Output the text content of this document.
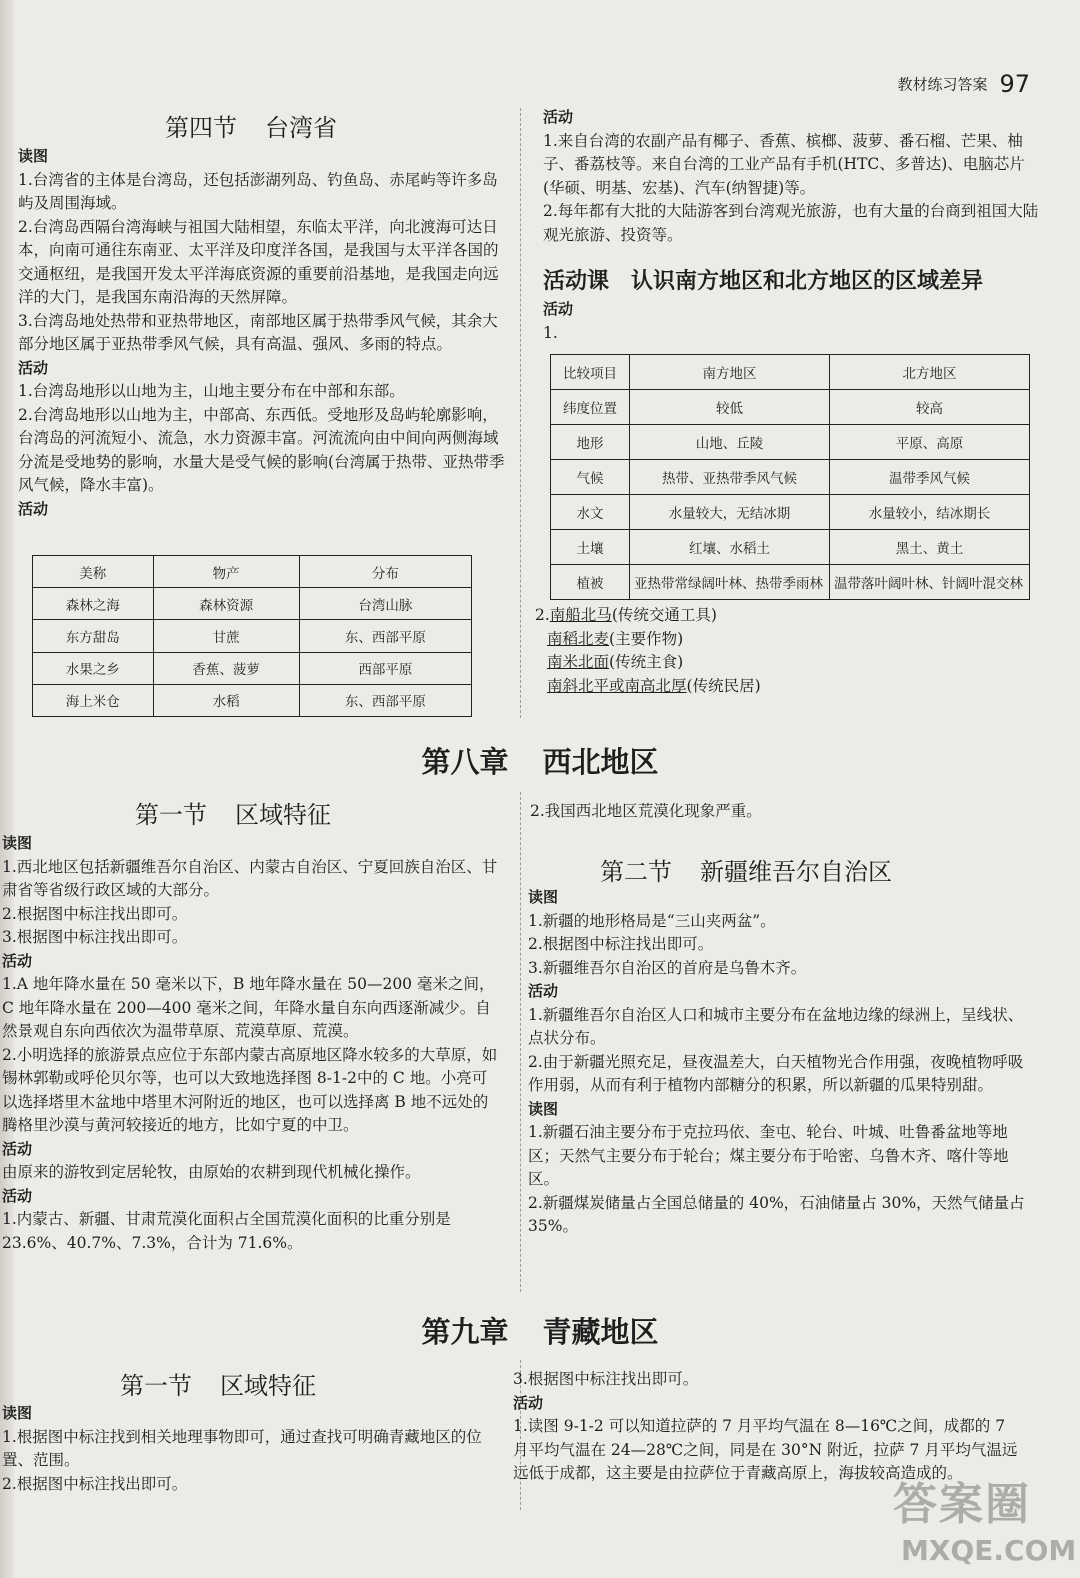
教材练习答案 97
第四节 台湾省

读图

1.台湾省的主体是台湾岛，还包括澎湖列岛、钓鱼岛、赤尾屿等许多岛屿及周围海域。

2.台湾岛西隔台湾海峡与祖国大陆相望，东临太平洋，向北渡海可达日本，向南可通往东南亚、太平洋及印度洋各国，是我国与太平洋各国的交通枢纽，是我国开发太平洋海底资源的重要前沿基地，是我国走向远洋的大门，是我国东南沿海的天然屏障。

3.台湾岛地处热带和亚热带地区，南部地区属于热带季风气候，其余大部分地区属于亚热带季风气候，具有高温、强风、多雨的特点。

活动

1.台湾岛地形以山地为主，山地主要分布在中部和东部。

2.台湾岛地形以山地为主，中部高、东西低。受地形及岛屿轮廓影响，台湾岛的河流短小、流急，水力资源丰富。河流流向由中间向两侧海域分流是受地势的影响，水量大是受气候的影响(台湾属于热带、亚热带季风气候，降水丰富)。

活动

美称	物产	分布
森林之海	森林资源	台湾山脉
东方甜岛	甘蔗	东、西部平原
水果之乡	香蕉、菠萝	西部平原
海上米仓	水稻	东、西部平原

活动

1.来自台湾的农副产品有椰子、香蕉、槟榔、菠萝、番石榴、芒果、柚子、番荔枝等。来自台湾的工业产品有手机(HTC、多普达)、电脑芯片(华硕、明基、宏基)、汽车(纳智捷)等。

2.每年都有大批的大陆游客到台湾观光旅游，也有大量的台商到祖国大陆观光旅游、投资等。

活动课　认识南方地区和北方地区的区域差异

活动

1.

比较项目	南方地区	北方地区
纬度位置	较低	较高
地形	山地、丘陵	平原、高原
气候	热带、亚热带季风气候	温带季风气候
水文	水量较大，无结冰期	水量较小，结冰期长
土壤	红壤、水稻土	黑土、黄土
植被	亚热带常绿阔叶林、热带季雨林	温带落叶阔叶林、针阔叶混交林

2.南船北马(传统交通工具)

南稻北麦(主要作物)

南米北面(传统主食)

南斜北平或南高北厚(传统民居)

第八章 西北地区
第一节 区域特征

读图

1.西北地区包括新疆维吾尔自治区、内蒙古自治区、宁夏回族自治区、甘肃省等省级行政区域的大部分。

2.根据图中标注找出即可。

3.根据图中标注找出即可。

活动

1.A 地年降水量在 50 毫米以下，B 地年降水量在 50—200 毫米之间，C 地年降水量在 200—400 毫米之间，年降水量自东向西逐渐减少。自然景观自东向西依次为温带草原、荒漠草原、荒漠。

2.小明选择的旅游景点应位于东部内蒙古高原地区降水较多的大草原，如锡林郭勒或呼伦贝尔等，也可以大致地选择图 8-1-2中的 C 地。小亮可以选择塔里木盆地中塔里木河附近的地区，也可以选择离 B 地不远处的腾格里沙漠与黄河较接近的地方，比如宁夏的中卫。

活动

由原来的游牧到定居轮牧，由原始的农耕到现代机械化操作。

活动

1.内蒙古、新疆、甘肃荒漠化面积占全国荒漠化面积的比重分别是 23.6%、40.7%、7.3%，合计为 71.6%。

2.我国西北地区荒漠化现象严重。

第二节 新疆维吾尔自治区

读图

1.新疆的地形格局是“三山夹两盆”。

2.根据图中标注找出即可。

3.新疆维吾尔自治区的首府是乌鲁木齐。

活动

1.新疆维吾尔自治区人口和城市主要分布在盆地边缘的绿洲上，呈线状、点状分布。

2.由于新疆光照充足，昼夜温差大，白天植物光合作用强，夜晚植物呼吸作用弱，从而有利于植物内部糖分的积累，所以新疆的瓜果特别甜。

读图

1.新疆石油主要分布于克拉玛依、奎屯、轮台、叶城、吐鲁番盆地等地区；天然气主要分布于轮台；煤主要分布于哈密、乌鲁木齐、喀什等地区。

2.新疆煤炭储量占全国总储量的 40%，石油储量占 30%，天然气储量占 35%。

第九章 青藏地区
第一节 区域特征

读图

1.根据图中标注找到相关地理事物即可，通过查找可明确青藏地区的位置、范围。

2.根据图中标注找出即可。

3.根据图中标注找出即可。

活动

1.读图 9-1-2 可以知道拉萨的 7 月平均气温在 8—16℃之间，成都的 7 月平均气温在 24—28℃之间，同是在 30°N 附近，拉萨 7 月平均气温远远低于成都，这主要是由拉萨位于青藏高原上，海拔较高造成的。

答案圈
MXQE.COM
